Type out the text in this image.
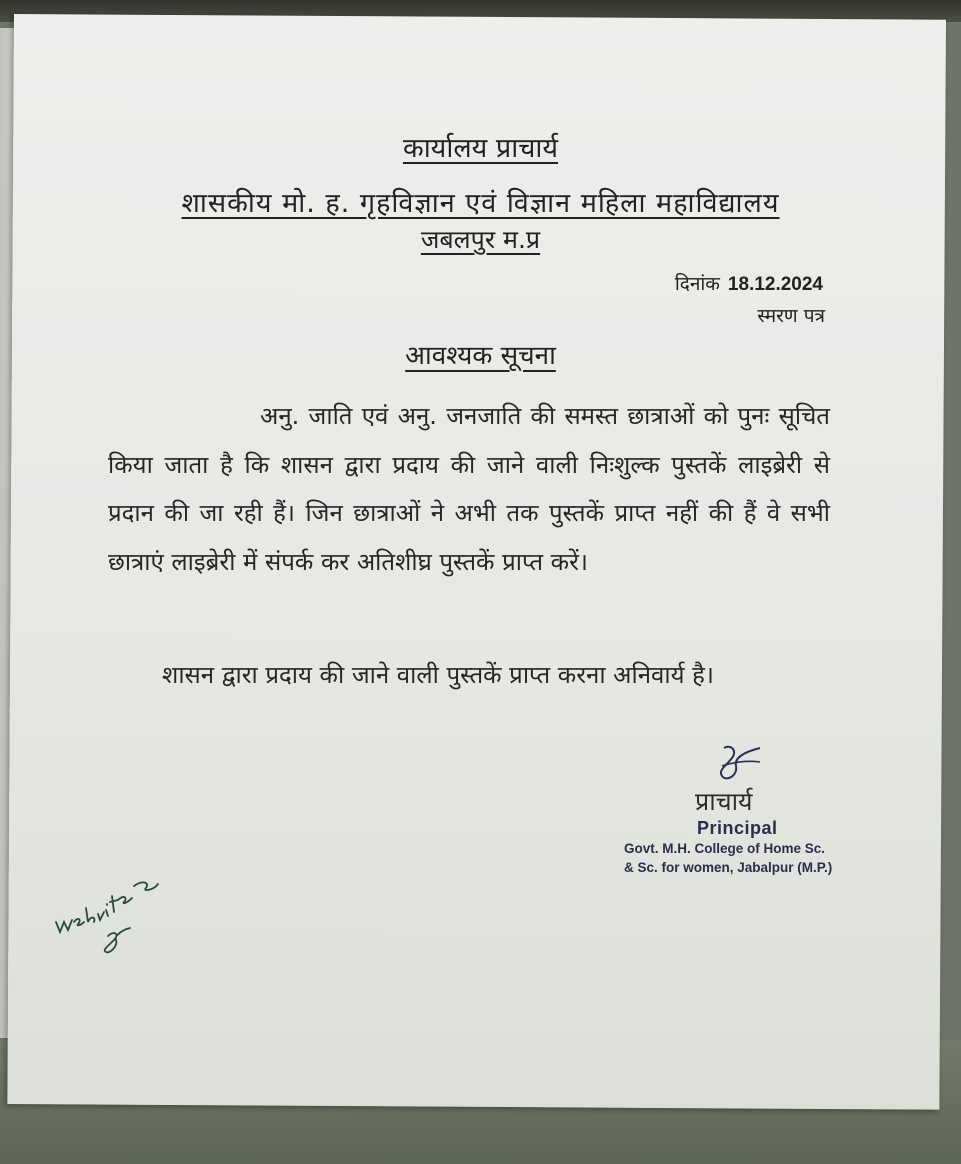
कार्यालय प्राचार्य
शासकीय मो. ह. गृहविज्ञान एवं विज्ञान महिला महाविद्यालय
जबलपुर म.प्र
दिनांक 18.12.2024
स्मरण पत्र
आवश्यक सूचना

अनु. जाति एवं अनु. जनजाति की समस्त छात्राओं को पुनः सूचित किया जाता है कि शासन द्वारा प्रदाय की जाने वाली निःशुल्क पुस्तकें लाइब्रेरी से प्रदान की जा रही हैं। जिन छात्राओं ने अभी तक पुस्तकें प्राप्त नहीं की हैं वे सभी छात्राएं लाइब्रेरी में संपर्क कर अतिशीघ्र पुस्तकें प्राप्त करें।

शासन द्वारा प्रदाय की जाने वाली पुस्तकें प्राप्त करना अनिवार्य है।

प्राचार्य
Principal
Govt. M.H. College of Home Sc.
& Sc. for women, Jabalpur (M.P.)
